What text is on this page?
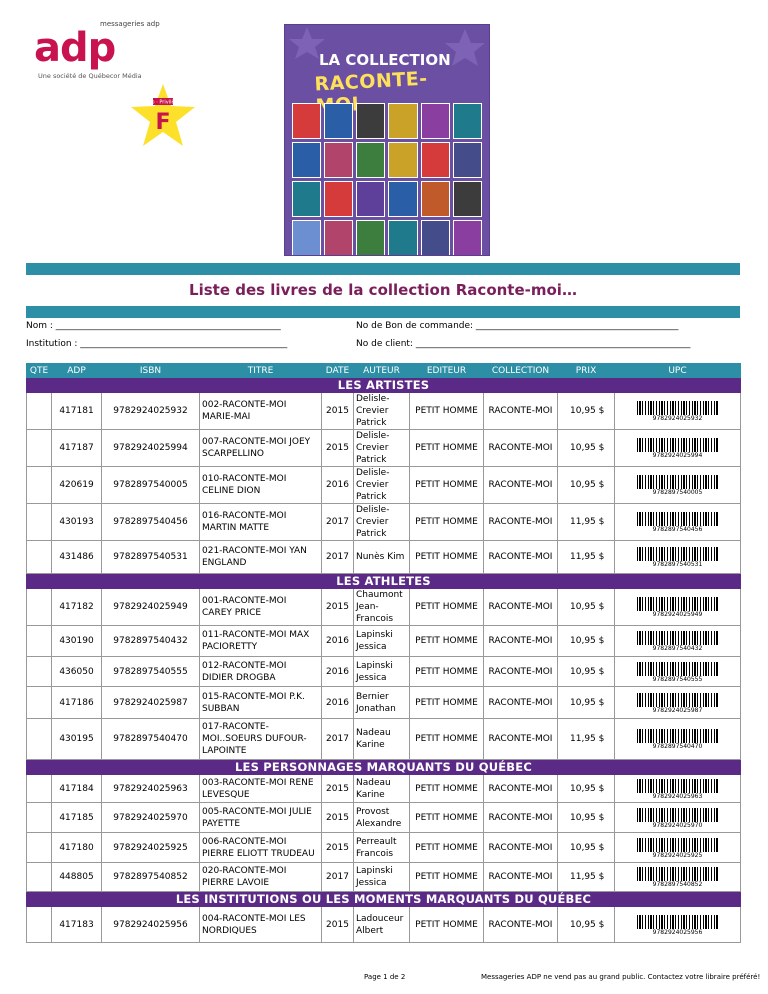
messageries adp
adp
Une société de Québecor Média
adp · Privilège
F
LA COLLECTION
RACONTE-MOI...
Liste des livres de la collection Raconte-moi…
Nom : __________________________________________________
Institution : ______________________________________________
No de Bon de commande: _____________________________________________
No de client: _____________________________________________________________
QTE	ADP	ISBN	TITRE	DATE	AUTEUR	EDITEUR	COLLECTION	PRIX	UPC
LES ARTISTES									
	417181	9782924025932	002-RACONTE-MOI MARIE-MAI	2015	Delisle-Crevier Patrick	PETIT HOMME	RACONTE-MOI	10,95 $	9782924025932

	417187	9782924025994	007-RACONTE-MOI JOEY SCARPELLINO	2015	Delisle-Crevier Patrick	PETIT HOMME	RACONTE-MOI	10,95 $	9782924025994

	420619	9782897540005	010-RACONTE-MOI CELINE DION	2016	Delisle-Crevier Patrick	PETIT HOMME	RACONTE-MOI	10,95 $	9782897540005

	430193	9782897540456	016-RACONTE-MOI MARTIN MATTE	2017	Delisle-Crevier Patrick	PETIT HOMME	RACONTE-MOI	11,95 $	9782897540456

	431486	9782897540531	021-RACONTE-MOI YAN ENGLAND	2017	Nunès Kim	PETIT HOMME	RACONTE-MOI	11,95 $	9782897540531

LES ATHLETES									
	417182	9782924025949	001-RACONTE-MOI CAREY PRICE	2015	Chaumont Jean-Francois	PETIT HOMME	RACONTE-MOI	10,95 $	9782924025949

	430190	9782897540432	011-RACONTE-MOI MAX PACIORETTY	2016	Lapinski Jessica	PETIT HOMME	RACONTE-MOI	10,95 $	9782897540432

	436050	9782897540555	012-RACONTE-MOI DIDIER DROGBA	2016	Lapinski Jessica	PETIT HOMME	RACONTE-MOI	10,95 $	9782897540555

	417186	9782924025987	015-RACONTE-MOI P.K. SUBBAN	2016	Bernier Jonathan	PETIT HOMME	RACONTE-MOI	10,95 $	9782924025987

	430195	9782897540470	017-RACONTE-MOI..SOEURS DUFOUR-LAPOINTE	2017	Nadeau Karine	PETIT HOMME	RACONTE-MOI	11,95 $	9782897540470

LES PERSONNAGES MARQUANTS DU QUÉBEC									
	417184	9782924025963	003-RACONTE-MOI RENE LEVESQUE	2015	Nadeau Karine	PETIT HOMME	RACONTE-MOI	10,95 $	9782924025963

	417185	9782924025970	005-RACONTE-MOI JULIE PAYETTE	2015	Provost Alexandre	PETIT HOMME	RACONTE-MOI	10,95 $	9782924025970

	417180	9782924025925	006-RACONTE-MOI PIERRE ELIOTT TRUDEAU	2015	Perreault Francois	PETIT HOMME	RACONTE-MOI	10,95 $	9782924025925

	448805	9782897540852	020-RACONTE-MOI PIERRE LAVOIE	2017	Lapinski Jessica	PETIT HOMME	RACONTE-MOI	11,95 $	9782897540852

LES INSTITUTIONS OU LES MOMENTS MARQUANTS DU QUÉBEC									
	417183	9782924025956	004-RACONTE-MOI LES NORDIQUES	2015	Ladouceur Albert	PETIT HOMME	RACONTE-MOI	10,95 $	9782924025956
Page 1 de 2	Messageries ADP ne vend pas au grand public. Contactez votre libraire préféré!
